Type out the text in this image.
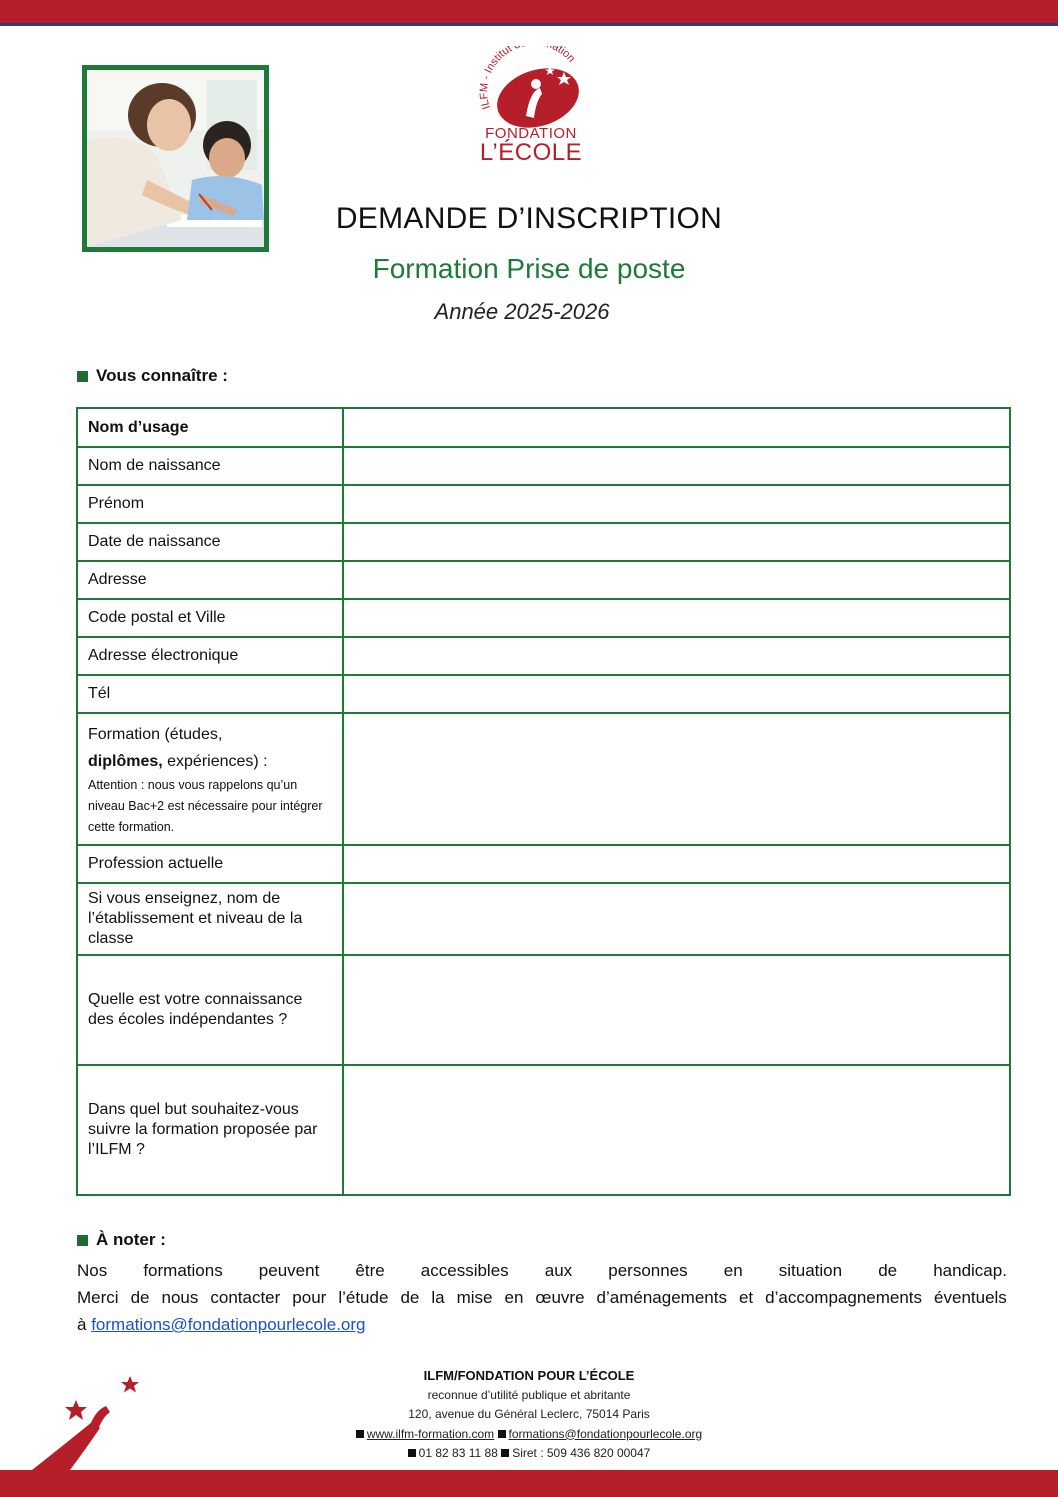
ILFM - Institut ation
FONDATION
L’ÉCOLE
DEMANDE D’INSCRIPTION
Formation Prise de poste
Année 2025-2026
Vous connaître :
Nom d’usage	
Nom de naissance	
Prénom	
Date de naissance	
Adresse	
Code postal et Ville	
Adresse électronique	
Tél	

Formation (études,
diplômes, expériences) :
Attention : nous vous rappelons qu’un niveau Bac+2 est nécessaire pour intégrer cette formation.	

Profession actuelle	
Si vous enseignez, nom de l’établissement et niveau de la classe	
Quelle est votre connaissance des écoles indépendantes ?	
Dans quel but souhaitez-vous suivre la formation proposée par l’ILFM ?	
À noter :
Nos formations peuvent être accessibles aux personnes en situation de handicap.
Merci de nous contacter pour l’étude de la mise en œuvre d’aménagements et d’accompagnements éventuels
à formations@fondationpourlecole.org
ILFM/FONDATION POUR L’ÉCOLE
reconnue d’utilité publique et abritante
120, avenue du Général Leclerc, 75014 Paris
www.ilfm-formation.com formations@fondationpourlecole.org
01 82 83 11 88 Siret : 509 436 820 00047
